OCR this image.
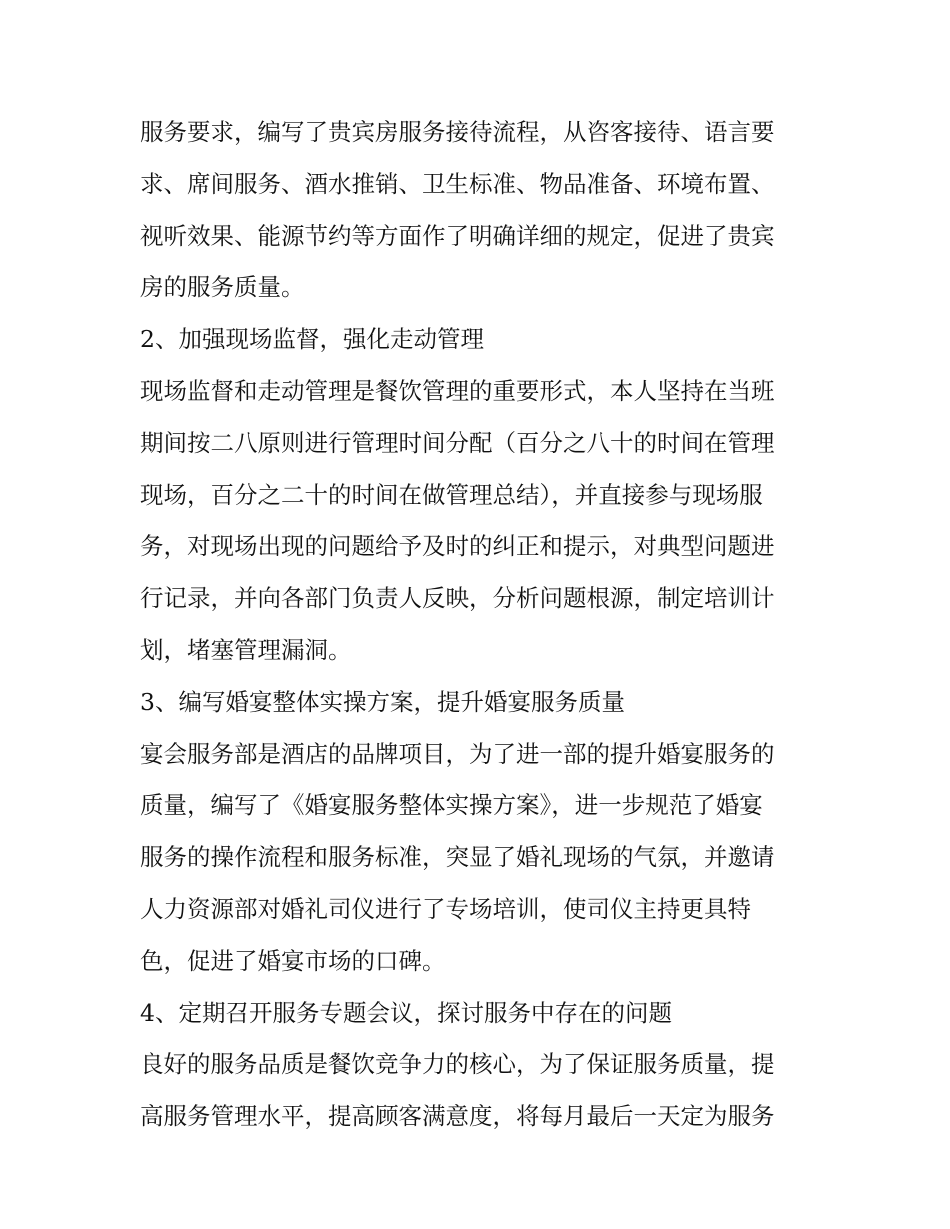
服务要求，编写了贵宾房服务接待流程，从咨客接待、语言要
求、席间服务、酒水推销、卫生标准、物品准备、环境布置、
视听效果、能源节约等方面作了明确详细的规定，促进了贵宾
房的服务质量。
2、加强现场监督，强化走动管理
现场监督和走动管理是餐饮管理的重要形式，本人坚持在当班
期间按二八原则进行管理时间分配（百分之八十的时间在管理
现场，百分之二十的时间在做管理总结），并直接参与现场服
务，对现场出现的问题给予及时的纠正和提示，对典型问题进
行记录，并向各部门负责人反映，分析问题根源，制定培训计
划，堵塞管理漏洞。
3、编写婚宴整体实操方案，提升婚宴服务质量
宴会服务部是酒店的品牌项目，为了进一部的提升婚宴服务的
质量，编写了《婚宴服务整体实操方案》，进一步规范了婚宴
服务的操作流程和服务标准，突显了婚礼现场的气氛，并邀请
人力资源部对婚礼司仪进行了专场培训，使司仪主持更具特
色，促进了婚宴市场的口碑。
4、定期召开服务专题会议，探讨服务中存在的问题
良好的服务品质是餐饮竞争力的核心，为了保证服务质量，提
高服务管理水平，提高顾客满意度，将每月最后一天定为服务
